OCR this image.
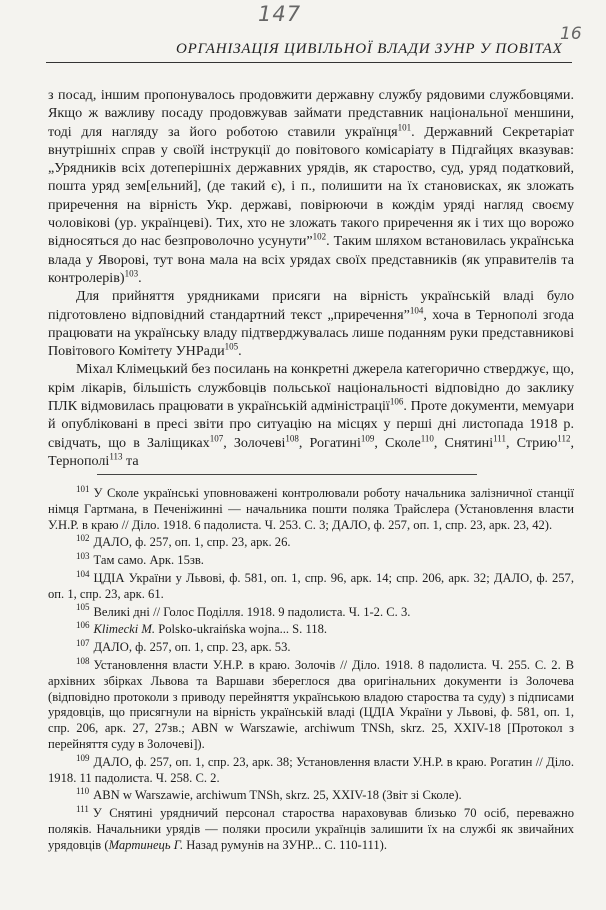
147
16
ОРГАНІЗАЦІЯ ЦИВІЛЬНОЇ ВЛАДИ ЗУНР У ПОВІТАХ

з посад, іншим пропонувалось продовжити державну службу рядовими службовцями. Якщо ж важливу посаду продовжував займати представник національної меншини, тоді для нагляду за його роботою ставили українця$^{101}$. Державний Секретаріат внутрішніх справ у своїй інструкції до повітового комісаріату в Підгайцях вказував: „Урядників всіх дотеперішніх державних урядів, як староство, суд, уряд податковий, пошта уряд зем[ельний], (де такий є), і п., полишити на їх становисках, як зложать приречення на вірність Укр. державі, повірюючи в кождім уряді нагляд своєму чоловікові (ур. українцеві). Тих, хто не зложать такого приречення як і тих що ворожо відносяться до нас безпроволочно усунути”$^{102}$. Таким шляхом встановилась українська влада у Яворові, тут вона мала на всіх урядах своїх представників (як управителів та контролерів)$^{103}$.

Для прийняття урядниками присяги на вірність українській владі було підготовлено відповідний стандартний текст „приречення”$^{104}$, хоча в Тернополі згода працювати на українську владу підтверджувалась лише поданням руки представникові Повітового Комітету УНРади$^{105}$.

Міхал Клімецький без посилань на конкретні джерела категорично стверджує, що, крім лікарів, більшість службовців польської національності відповідно до заклику ПЛК відмовилась працювати в українській адміністрації$^{106}$. Проте документи, мемуари й опубліковані в пресі звіти про ситуацію на місцях у перші дні листопада 1918 р. свідчать, що в Заліщиках$^{107}$, Золочеві$^{108}$, Рогатині$^{109}$, Сколе$^{110}$, Снятині$^{111}$, Стрию$^{112}$, Тернополі$^{113}$ та

$^{101}$ У Сколе українські уповноважені контролювали роботу начальника залізничної станції німця Гартмана, в Печеніжинні — начальника пошти поляка Трайслера (Установлення власти У.Н.Р. в краю // Діло. 1918. 6 падолиста. Ч. 253. С. 3; ДАЛО, ф. 257, оп. 1, спр. 23, арк. 23, 42).

$^{102}$ ДАЛО, ф. 257, оп. 1, спр. 23, арк. 26.

$^{103}$ Там само. Арк. 15зв.

$^{104}$ ЦДІА України у Львові, ф. 581, оп. 1, спр. 96, арк. 14; спр. 206, арк. 32; ДАЛО, ф. 257, оп. 1, спр. 23, арк. 61.

$^{105}$ Великі дні // Голос Поділля. 1918. 9 падолиста. Ч. 1-2. С. 3.

$^{106}$ Klimecki M. Polsko-ukraińska wojna... S. 118.

$^{107}$ ДАЛО, ф. 257, оп. 1, спр. 23, арк. 53.

$^{108}$ Установлення власти У.Н.Р. в краю. Золочів // Діло. 1918. 8 падолиста. Ч. 255. С. 2. В архівних збірках Львова та Варшави збереглося два оригінальних документи із Золочева (відповідно протоколи з приводу перейняття українською владою староства та суду) з підписами урядовців, що присягнули на вірність українській владі (ЦДІА України у Львові, ф. 581, оп. 1, спр. 206, арк. 27, 27зв.; ABN w Warszawie, archiwum TNSh, skrz. 25, XXIV-18 [Протокол з перейняття суду в Золочеві]).

$^{109}$ ДАЛО, ф. 257, оп. 1, спр. 23, арк. 38; Установлення власти У.Н.Р. в краю. Рогатин // Діло. 1918. 11 падолиста. Ч. 258. С. 2.

$^{110}$ ABN w Warszawie, archiwum TNSh, skrz. 25, XXIV-18 (Звіт зі Сколе).

$^{111}$ У Снятині урядничий персонал староства нараховував близько 70 осіб, переважно поляків. Начальники урядів — поляки просили українців залишити їх на службі як звичайних урядовців (Мартинець Г. Назад румунів на ЗУНР... С. 110-111).
